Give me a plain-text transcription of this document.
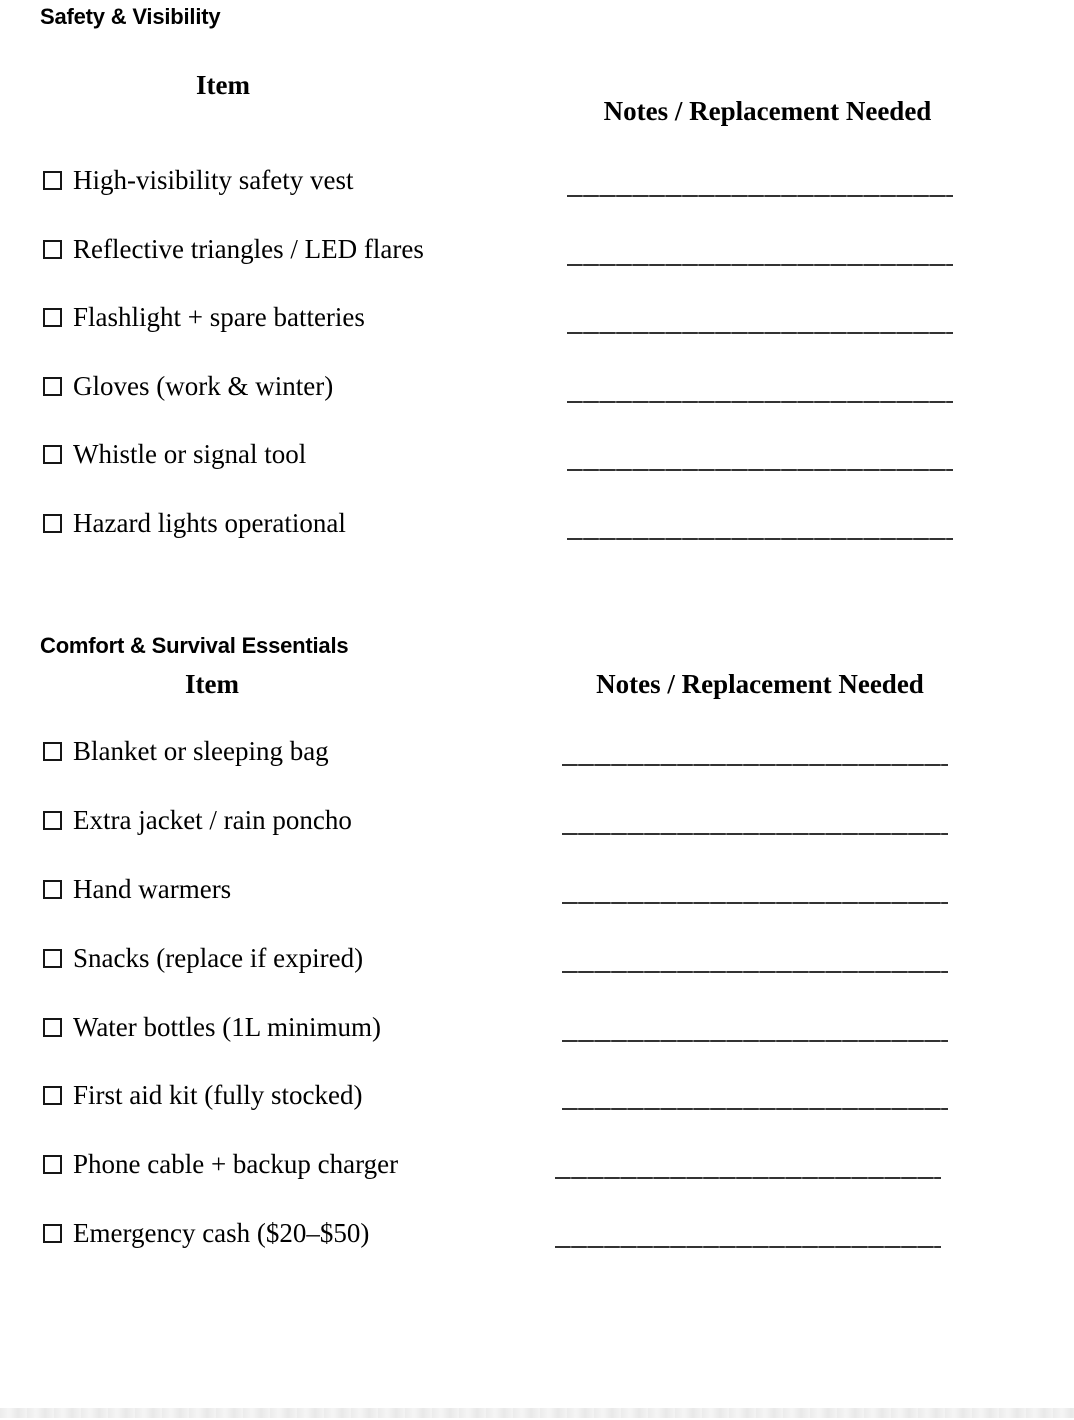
Safety & Visibility
Item
Notes / Replacement Needed
High-visibility safety vest
Reflective triangles / LED flares
Flashlight + spare batteries
Gloves (work & winter)
Whistle or signal tool
Hazard lights operational
Comfort & Survival Essentials
Item	Notes / Replacement Needed
Blanket or sleeping bag
Extra jacket / rain poncho
Hand warmers
Snacks (replace if expired)
Water bottles (1L minimum)
First aid kit (fully stocked)
Phone cable + backup charger
Emergency cash ($20–$50)
